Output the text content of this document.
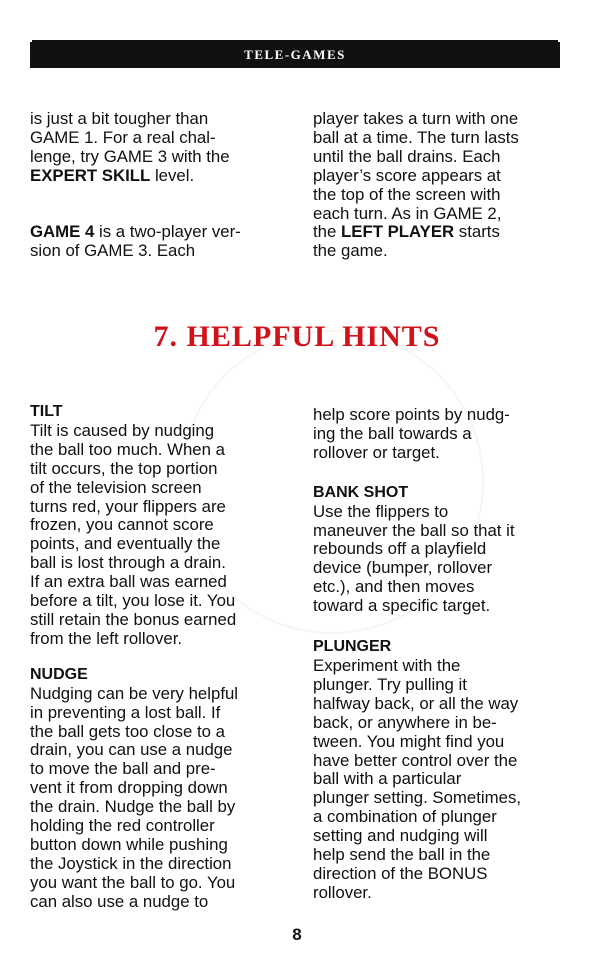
TELE-GAMES

is just a bit tougher than

GAME 1. For a real chal-

lenge, try GAME 3 with the

EXPERT SKILL level.

GAME 4 is a two-player ver-

sion of GAME 3. Each

player takes a turn with one

ball at a time. The turn lasts

until the ball drains. Each

player’s score appears at

the top of the screen with

each turn. As in GAME 2,

the LEFT PLAYER starts

the game.

7. HELPFUL HINTS

TILT

Tilt is caused by nudging

the ball too much. When a

tilt occurs, the top portion

of the television screen

turns red, your flippers are

frozen, you cannot score

points, and eventually the

ball is lost through a drain.

If an extra ball was earned

before a tilt, you lose it. You

still retain the bonus earned

from the left rollover.

NUDGE

Nudging can be very helpful

in preventing a lost ball. If

the ball gets too close to a

drain, you can use a nudge

to move the ball and pre-

vent it from dropping down

the drain. Nudge the ball by

holding the red controller

button down while pushing

the Joystick in the direction

you want the ball to go. You

can also use a nudge to

help score points by nudg-

ing the ball towards a

rollover or target.

BANK SHOT

Use the flippers to

maneuver the ball so that it

rebounds off a playfield

device (bumper, rollover

etc.), and then moves

toward a specific target.

PLUNGER

Experiment with the

plunger. Try pulling it

halfway back, or all the way

back, or anywhere in be-

tween. You might find you

have better control over the

ball with a particular

plunger setting. Sometimes,

a combination of plunger

setting and nudging will

help send the ball in the

direction of the BONUS

rollover.

8
